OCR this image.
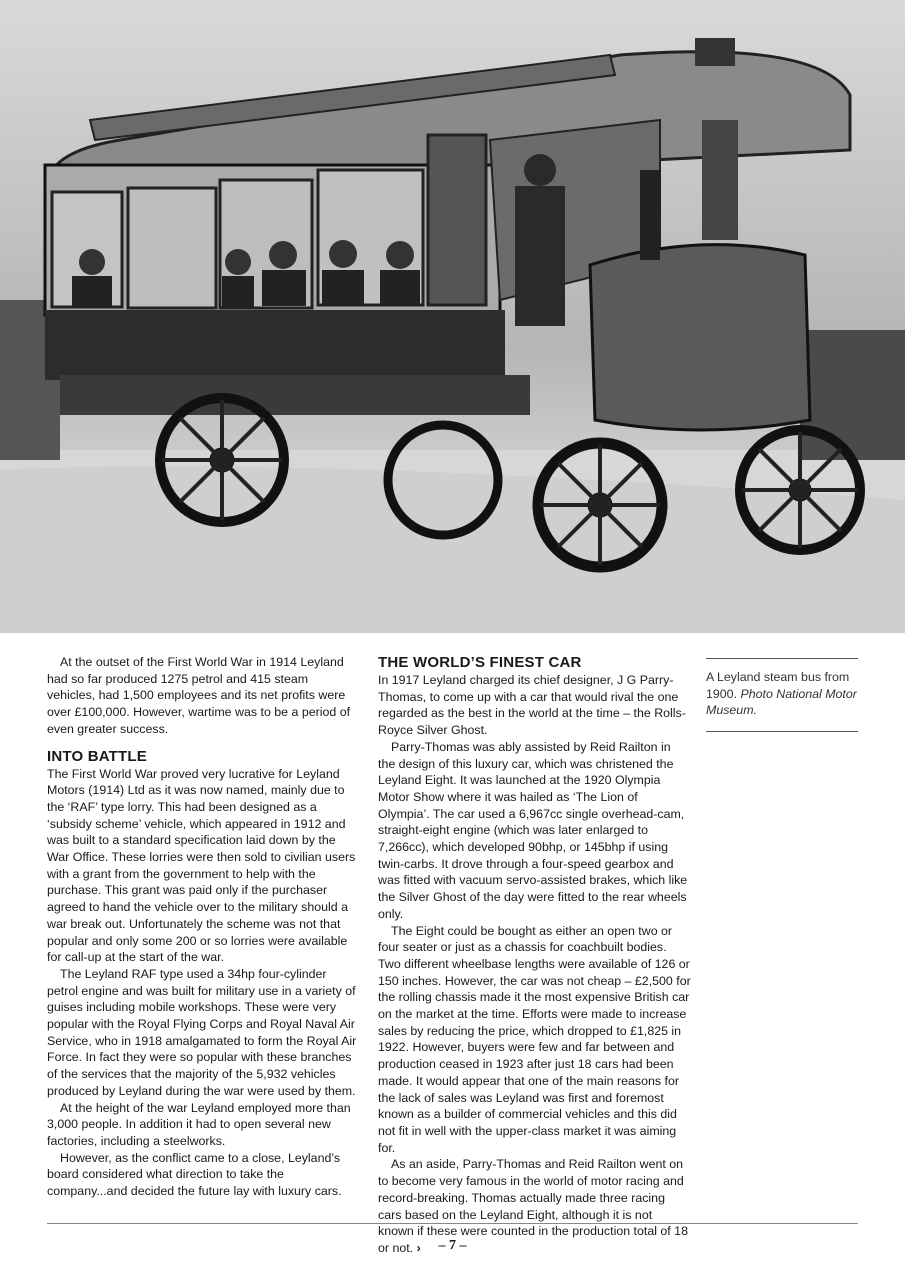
At the outset of the First World War in 1914 Leyland had so far produced 1275 petrol and 415 steam vehicles, had 1,500 employees and its net profits were over £100,000. However, wartime was to be a period of even greater success.

INTO BATTLE

The First World War proved very lucrative for Leyland Motors (1914) Ltd as it was now named, mainly due to the ‘RAF’ type lorry. This had been designed as a ‘subsidy scheme’ vehicle, which appeared in 1912 and was built to a standard specification laid down by the War Office. These lorries were then sold to civilian users with a grant from the government to help with the purchase. This grant was paid only if the purchaser agreed to hand the vehicle over to the military should a war break out. Unfortunately the scheme was not that popular and only some 200 or so lorries were available for call-up at the start of the war.

The Leyland RAF type used a 34hp four-cylinder petrol engine and was built for military use in a variety of guises including mobile workshops. These were very popular with the Royal Flying Corps and Royal Naval Air Service, who in 1918 amalgamated to form the Royal Air Force. In fact they were so popular with these branches of the services that the majority of the 5,932 vehicles produced by Leyland during the war were used by them.

At the height of the war Leyland employed more than 3,000 people. In addition it had to open several new factories, including a steelworks.

However, as the conflict came to a close, Leyland’s board considered what direction to take the company...and decided the future lay with luxury cars.

THE WORLD’S FINEST CAR

In 1917 Leyland charged its chief designer, J G Parry-Thomas, to come up with a car that would rival the one regarded as the best in the world at the time – the Rolls-Royce Silver Ghost.

Parry-Thomas was ably assisted by Reid Railton in the design of this luxury car, which was christened the Leyland Eight. It was launched at the 1920 Olympia Motor Show where it was hailed as ‘The Lion of Olympia’. The car used a 6,967cc single overhead-cam, straight-eight engine (which was later enlarged to 7,266cc), which developed 90bhp, or 145bhp if using twin-carbs. It drove through a four-speed gearbox and was fitted with vacuum servo-assisted brakes, which like the Silver Ghost of the day were fitted to the rear wheels only.

The Eight could be bought as either an open two or four seater or just as a chassis for coachbuilt bodies. Two different wheelbase lengths were available of 126 or 150 inches. However, the car was not cheap – £2,500 for the rolling chassis made it the most expensive British car on the market at the time. Efforts were made to increase sales by reducing the price, which dropped to £1,825 in 1922. However, buyers were few and far between and production ceased in 1923 after just 18 cars had been made. It would appear that one of the main reasons for the lack of sales was Leyland was first and foremost known as a builder of commercial vehicles and this did not fit in well with the upper-class market it was aiming for.

As an aside, Parry-Thomas and Reid Railton went on to become very famous in the world of motor racing and record-breaking. Thomas actually made three racing cars based on the Leyland Eight, although it is not known if these were counted in the production total of 18 or not. ›

A Leyland steam bus from 1900. Photo National Motor Museum.
– 7 –
